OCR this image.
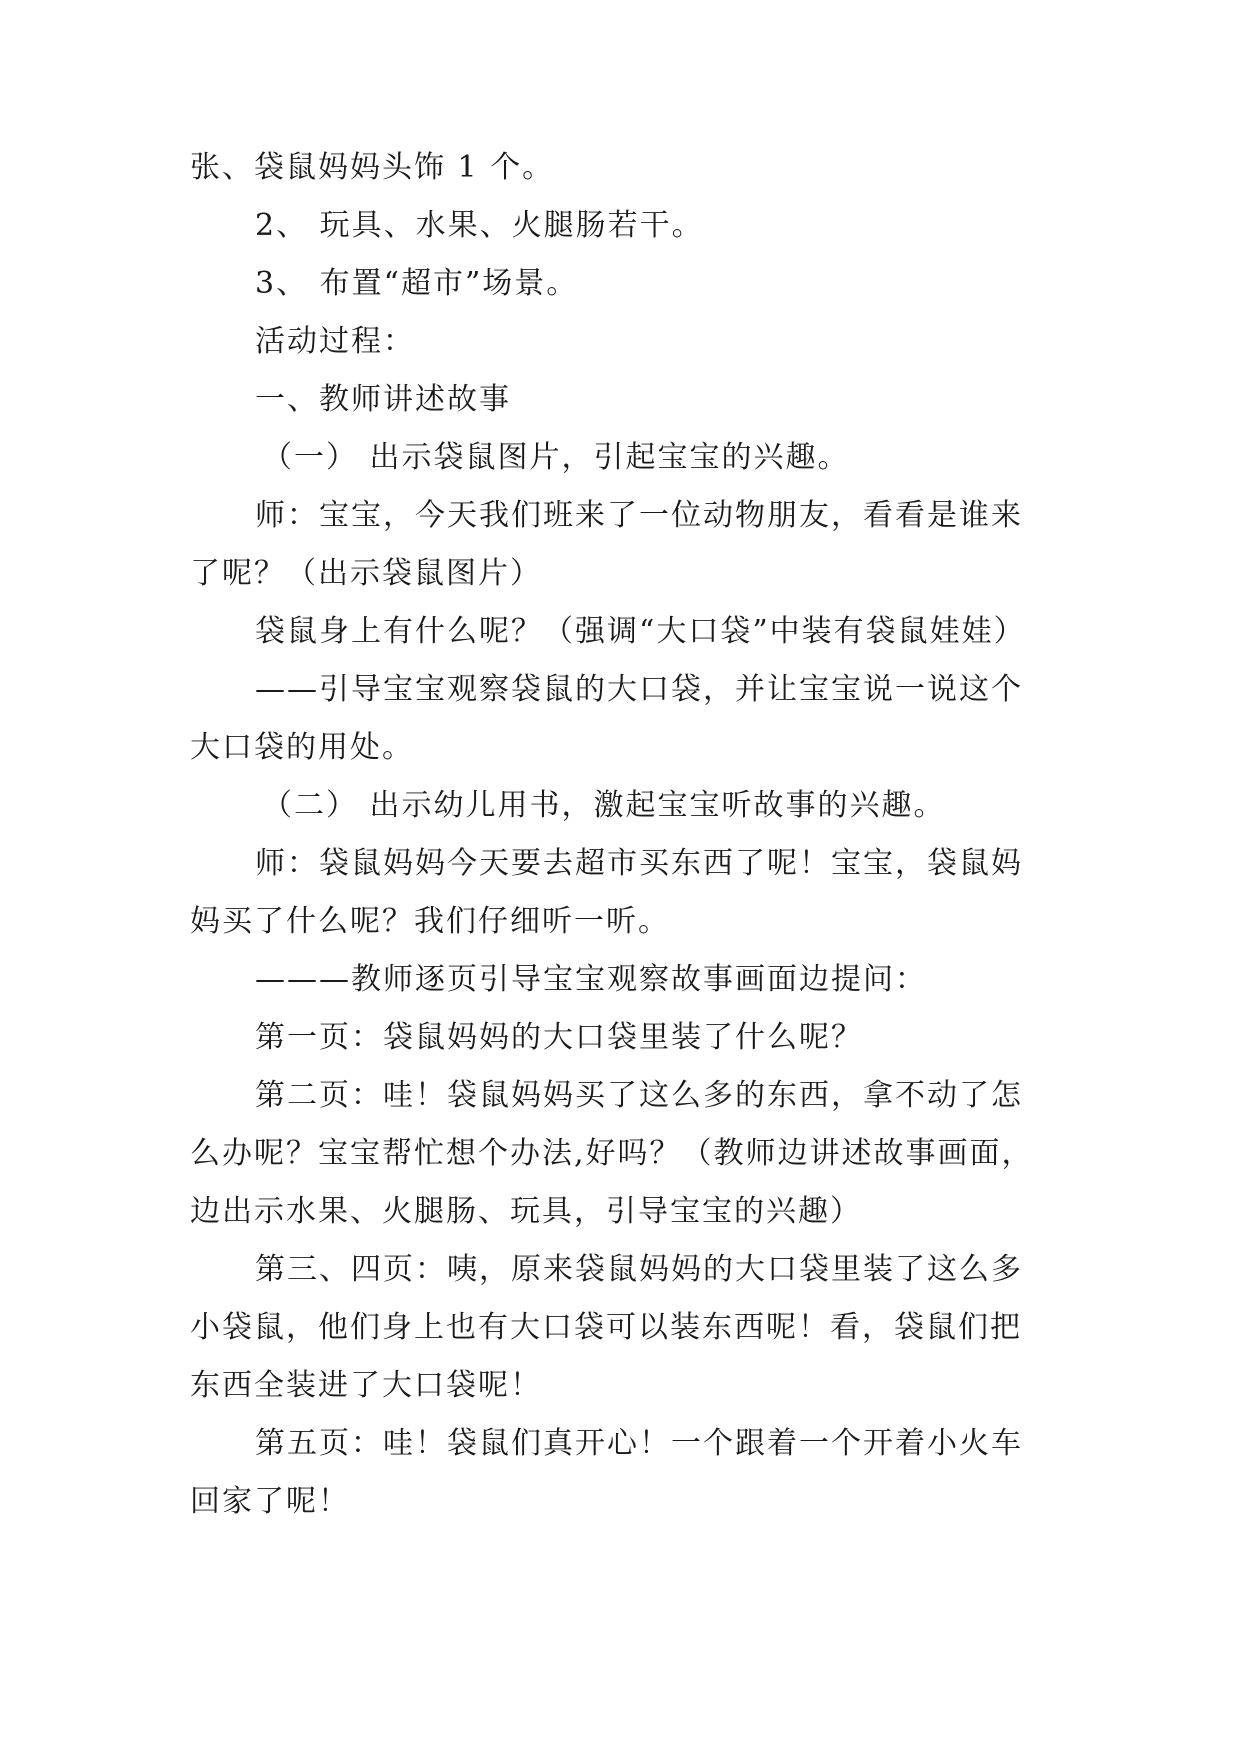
张、袋鼠妈妈头饰 1 个。
2、 玩具、水果、火腿肠若干。
3、 布置“超市”场景。
活动过程：
一、教师讲述故事
（一） 出示袋鼠图片，引起宝宝的兴趣。
师：宝宝，今天我们班来了一位动物朋友，看看是谁来
了呢？（出示袋鼠图片）
袋鼠身上有什么呢？（强调“大口袋”中装有袋鼠娃娃）
——引导宝宝观察袋鼠的大口袋，并让宝宝说一说这个
大口袋的用处。
（二） 出示幼儿用书，激起宝宝听故事的兴趣。
师：袋鼠妈妈今天要去超市买东西了呢！宝宝，袋鼠妈
妈买了什么呢？我们仔细听一听。
———教师逐页引导宝宝观察故事画面边提问：
第一页：袋鼠妈妈的大口袋里装了什么呢？
第二页：哇！袋鼠妈妈买了这么多的东西，拿不动了怎
么办呢？宝宝帮忙想个办法,好吗？（教师边讲述故事画面，
边出示水果、火腿肠、玩具，引导宝宝的兴趣）
第三、四页：咦，原来袋鼠妈妈的大口袋里装了这么多
小袋鼠，他们身上也有大口袋可以装东西呢！看，袋鼠们把
东西全装进了大口袋呢！
第五页：哇！袋鼠们真开心！一个跟着一个开着小火车
回家了呢！
